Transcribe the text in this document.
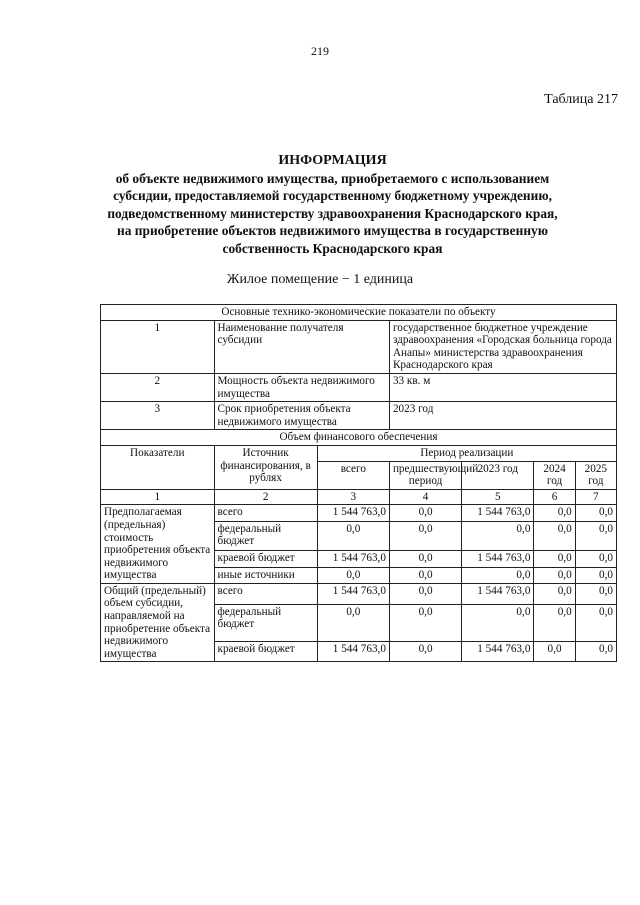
219
Таблица 217
ИНФОРМАЦИЯ
об объекте недвижимого имущества, приобретаемого с использованием
субсидии, предоставляемой государственному бюджетному учреждению,
подведомственному министерству здравоохранения Краснодарского края,
на приобретение объектов недвижимого имущества в государственную
собственность Краснодарского края
Жилое помещение − 1 единица
Основные технико-экономические показатели по объекту						
1	Наименование получателя субсидии		государственное бюджетное учреждение здравоохранения «Городская больница города Анапы» министерства здравоохранения Краснодарского края			
2	Мощность объекта недвижимого имущества		33 кв. м			
3	Срок приобретения объекта недвижимого имущества		2023 год			
Объем финансового обеспечения						
Показатели	Источник финансирования, в рублях	Период реализации				
		всего	предшествующий период	2023 год	2024 год	2025 год
1	2	3	4	5	6	7
Предполагаемая (предельная) стоимость приобретения объекта недвижимого имущества	всего	1 544 763,0	0,0	1 544 763,0	0,0	0,0
	федеральный бюджет	0,0	0,0	0,0	0,0	0,0
	краевой бюджет	1 544 763,0	0,0	1 544 763,0	0,0	0,0
	иные источники	0,0	0,0	0,0	0,0	0,0
Общий (предельный) объем субсидии, направляемой на приобретение объекта недвижимого имущества	всего	1 544 763,0	0,0	1 544 763,0	0,0	0,0
	федеральный бюджет	0,0	0,0	0,0	0,0	0,0
	краевой бюджет	1 544 763,0	0,0	1 544 763,0	0,0	0,0
